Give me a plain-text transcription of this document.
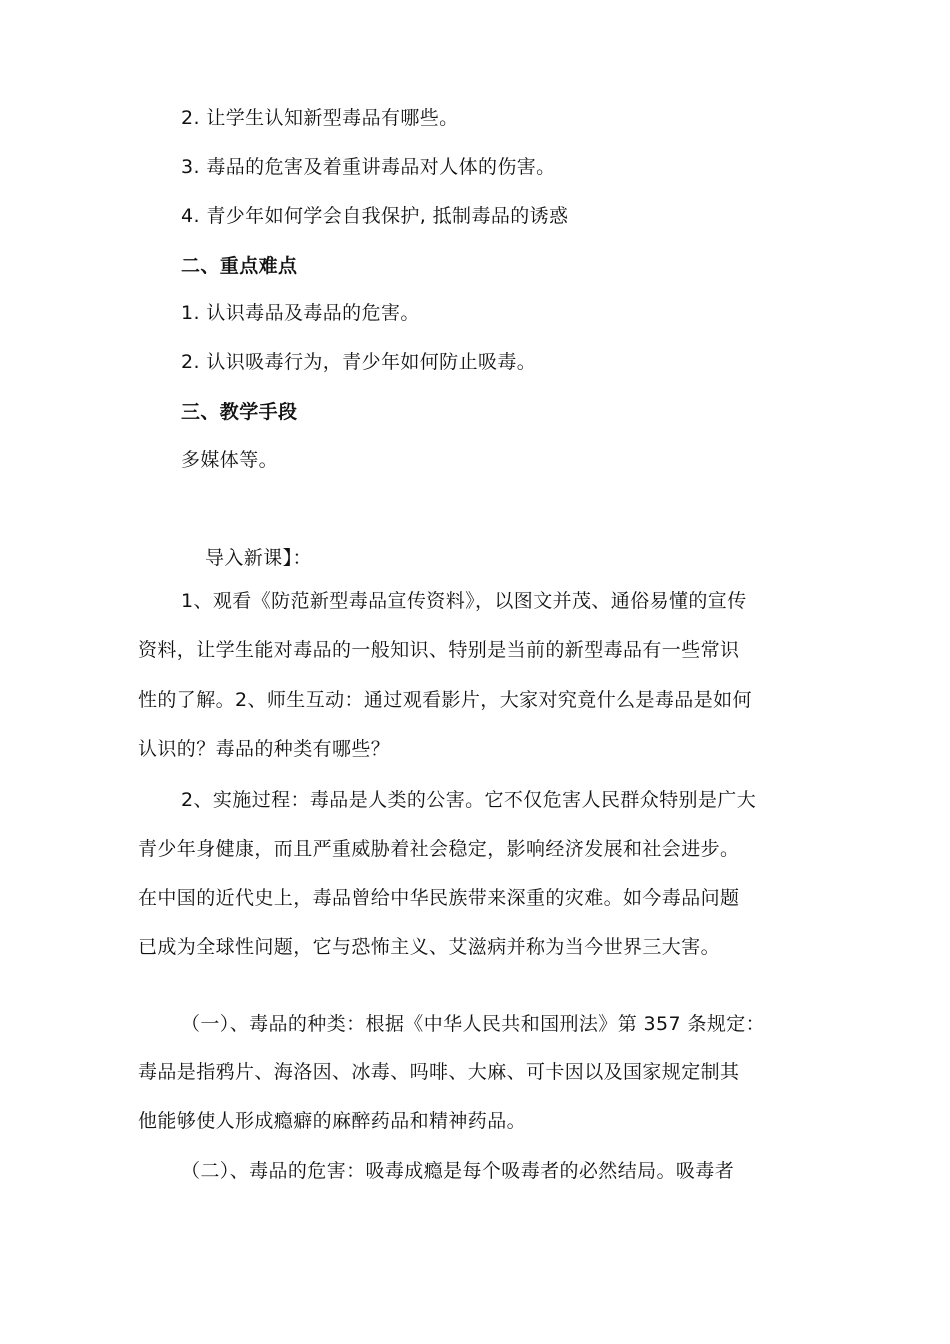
2. 让学生认知新型毒品有哪些。
3. 毒品的危害及着重讲毒品对人体的伤害。
4. 青少年如何学会自我保护, 抵制毒品的诱惑
二、重点难点
1. 认识毒品及毒品的危害。
2. 认识吸毒行为，青少年如何防止吸毒。
三、教学手段
多媒体等。
导入新课】：
1、观看《防范新型毒品宣传资料》，以图文并茂、通俗易懂的宣传
资料，让学生能对毒品的一般知识、特别是当前的新型毒品有一些常识
性的了解。2、师生互动：通过观看影片，大家对究竟什么是毒品是如何
认识的？毒品的种类有哪些？
2、实施过程：毒品是人类的公害。它不仅危害人民群众特别是广大
青少年身健康，而且严重威胁着社会稳定，影响经济发展和社会进步。
在中国的近代史上，毒品曾给中华民族带来深重的灾难。如今毒品问题
已成为全球性问题，它与恐怖主义、艾滋病并称为当今世界三大害。
（一）、毒品的种类：根据《中华人民共和国刑法》第 357 条规定：
毒品是指鸦片、海洛因、冰毒、吗啡、大麻、可卡因以及国家规定制其
他能够使人形成瘾癖的麻醉药品和精神药品。
（二）、毒品的危害：吸毒成瘾是每个吸毒者的必然结局。吸毒者
